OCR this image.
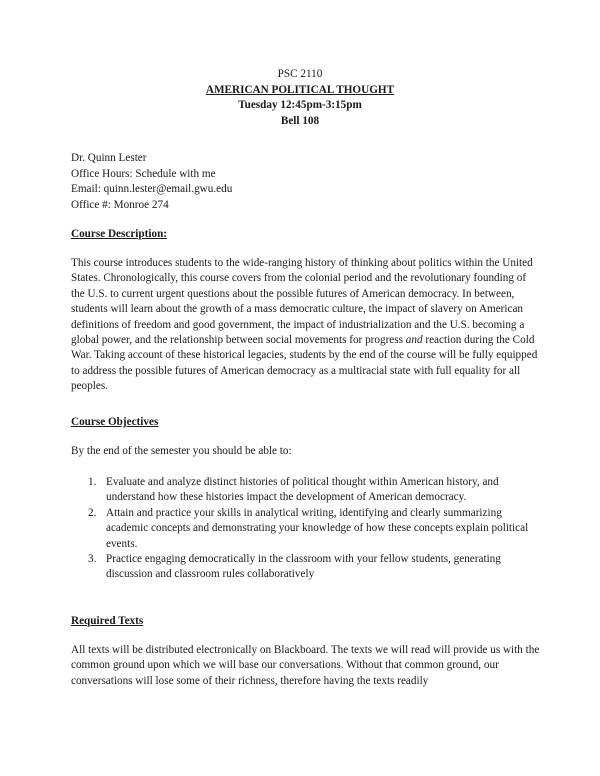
PSC 2110
AMERICAN POLITICAL THOUGHT
Tuesday 12:45pm-3:15pm
Bell 108
Dr. Quinn Lester
Office Hours: Schedule with me
Email: quinn.lester@email.gwu.edu
Office #: Monroe 274
Course Description:

This course introduces students to the wide-ranging history of thinking about politics within the United States. Chronologically, this course covers from the colonial period and the revolutionary founding of the U.S. to current urgent questions about the possible futures of American democracy. In between, students will learn about the growth of a mass democratic culture, the impact of slavery on American definitions of freedom and good government, the impact of industrialization and the U.S. becoming a global power, and the relationship between social movements for progress and reaction during the Cold War. Taking account of these historical legacies, students by the end of the course will be fully equipped to address the possible futures of American democracy as a multiracial state with full equality for all peoples.

Course Objectives

By the end of the semester you should be able to:

1. Evaluate and analyze distinct histories of political thought within American history, and understand how these histories impact the development of American democracy.
2. Attain and practice your skills in analytical writing, identifying and clearly summarizing academic concepts and demonstrating your knowledge of how these concepts explain political events.
3. Practice engaging democratically in the classroom with your fellow students, generating discussion and classroom rules collaboratively
Required Texts

All texts will be distributed electronically on Blackboard. The texts we will read will provide us with the common ground upon which we will base our conversations. Without that common ground, our conversations will lose some of their richness, therefore having the texts readily
